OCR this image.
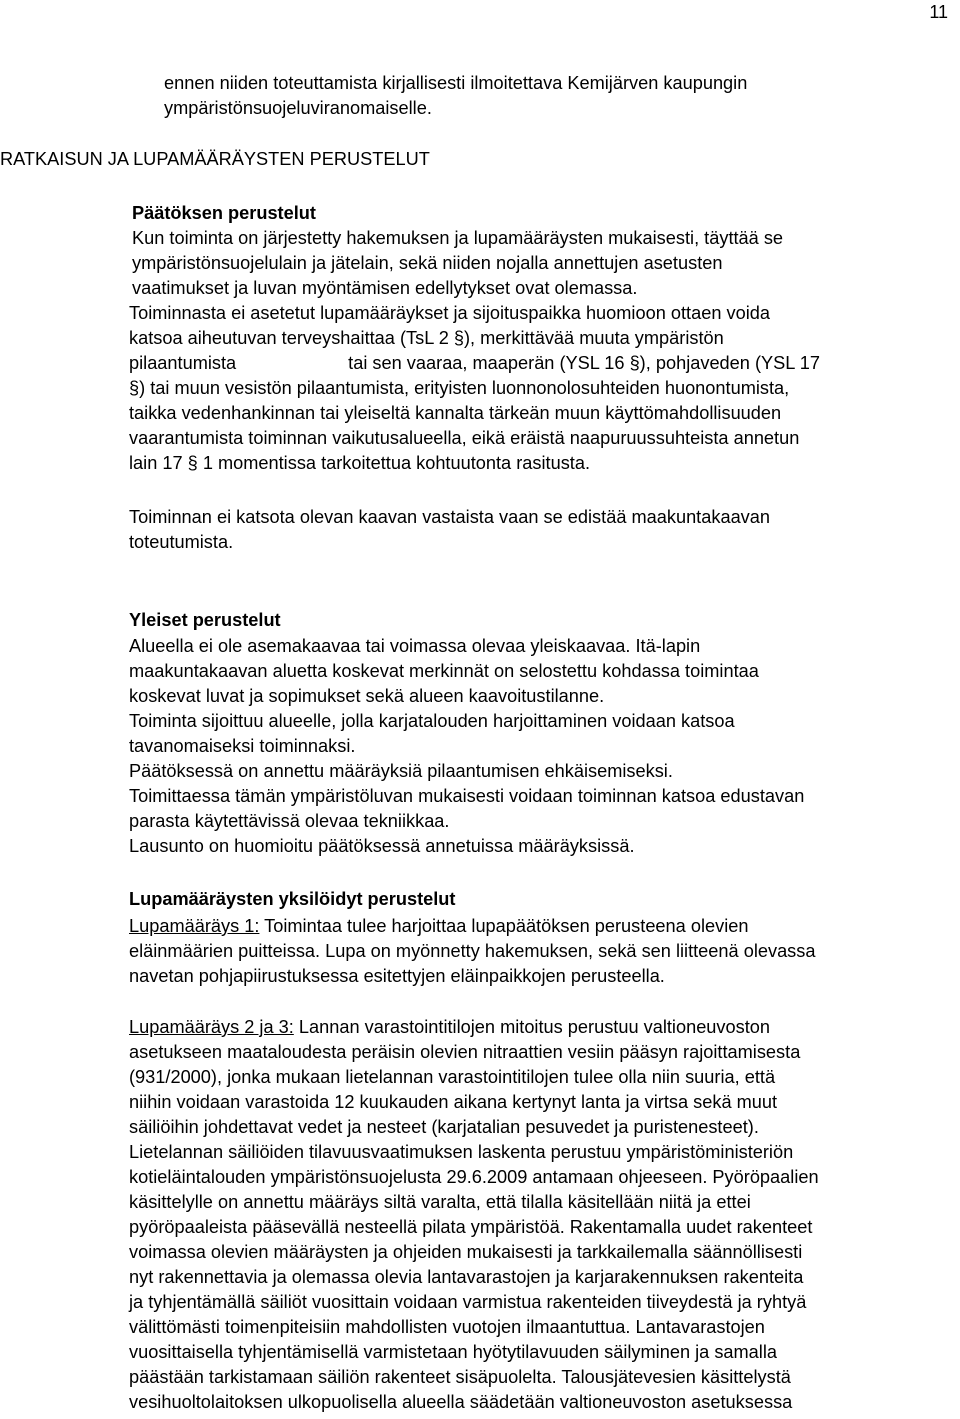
11
ennen niiden toteuttamista kirjallisesti ilmoitettava Kemijärven kaupungin
ympäristönsuojeluviranomaiselle.
RATKAISUN JA LUPAMÄÄRÄYSTEN PERUSTELUT
Päätöksen perustelut
Kun toiminta on järjestetty hakemuksen ja lupamääräysten mukaisesti, täyttää se
ympäristönsuojelulain ja jätelain, sekä niiden nojalla annettujen asetusten
vaatimukset ja luvan myöntämisen edellytykset ovat olemassa.
Toiminnasta ei asetetut lupamääräykset ja sijoituspaikka huomioon ottaen voida
katsoa aiheutuvan terveyshaittaa (TsL 2 §), merkittävää muuta ympäristön
pilaantumista	tai sen vaaraa, maaperän (YSL 16 §), pohjaveden (YSL 17
§) tai muun vesistön pilaantumista, erityisten luonnonolosuhteiden huonontumista,
taikka vedenhankinnan tai yleiseltä kannalta tärkeän muun käyttömahdollisuuden
vaarantumista toiminnan vaikutusalueella, eikä eräistä naapuruussuhteista annetun
lain 17 § 1 momentissa tarkoitettua kohtuutonta rasitusta.
Toiminnan ei katsota olevan kaavan vastaista vaan se edistää maakuntakaavan
toteutumista.
Yleiset perustelut
Alueella ei ole asemakaavaa tai voimassa olevaa yleiskaavaa. Itä-lapin
maakuntakaavan aluetta koskevat merkinnät on selostettu kohdassa toimintaa
koskevat luvat ja sopimukset sekä alueen kaavoitustilanne.
Toiminta sijoittuu alueelle, jolla karjatalouden harjoittaminen voidaan katsoa
tavanomaiseksi toiminnaksi.
Päätöksessä on annettu määräyksiä pilaantumisen ehkäisemiseksi.
Toimittaessa tämän ympäristöluvan mukaisesti voidaan toiminnan katsoa edustavan
parasta käytettävissä olevaa tekniikkaa.
Lausunto on huomioitu päätöksessä annetuissa määräyksissä.
Lupamääräysten yksilöidyt perustelut
Lupamääräys 1: Toimintaa tulee harjoittaa lupapäätöksen perusteena olevien
eläinmäärien puitteissa. Lupa on myönnetty hakemuksen, sekä sen liitteenä olevassa
navetan pohjapiirustuksessa esitettyjen eläinpaikkojen perusteella.
Lupamääräys 2 ja 3: Lannan varastointitilojen mitoitus perustuu valtioneuvoston
asetukseen maataloudesta peräisin olevien nitraattien vesiin pääsyn rajoittamisesta
(931/2000), jonka mukaan lietelannan varastointitilojen tulee olla niin suuria, että
niihin voidaan varastoida 12 kuukauden aikana kertynyt lanta ja virtsa sekä muut
säiliöihin johdettavat vedet ja nesteet (karjatalian pesuvedet ja puristenesteet).
Lietelannan säiliöiden tilavuusvaatimuksen laskenta perustuu ympäristöministeriön
kotieläintalouden ympäristönsuojelusta 29.6.2009 antamaan ohjeeseen. Pyöröpaalien
käsittelylle on annettu määräys siltä varalta, että tilalla käsitellään niitä ja ettei
pyöröpaaleista pääsevällä nesteellä pilata ympäristöä. Rakentamalla uudet rakenteet
voimassa olevien määräysten ja ohjeiden mukaisesti ja tarkkailemalla säännöllisesti
nyt rakennettavia ja olemassa olevia lantavarastojen ja karjarakennuksen rakenteita
ja tyhjentämällä säiliöt vuosittain voidaan varmistua rakenteiden tiiveydestä ja ryhtyä
välittömästi toimenpiteisiin mahdollisten vuotojen ilmaantuttua. Lantavarastojen
vuosittaisella tyhjentämisellä varmistetaan hyötytilavuuden säilyminen ja samalla
päästään tarkistamaan säiliön rakenteet sisäpuolelta. Talousjätevesien käsittelystä
vesihuoltolaitoksen ulkopuolisella alueella säädetään valtioneuvoston asetuksessa
